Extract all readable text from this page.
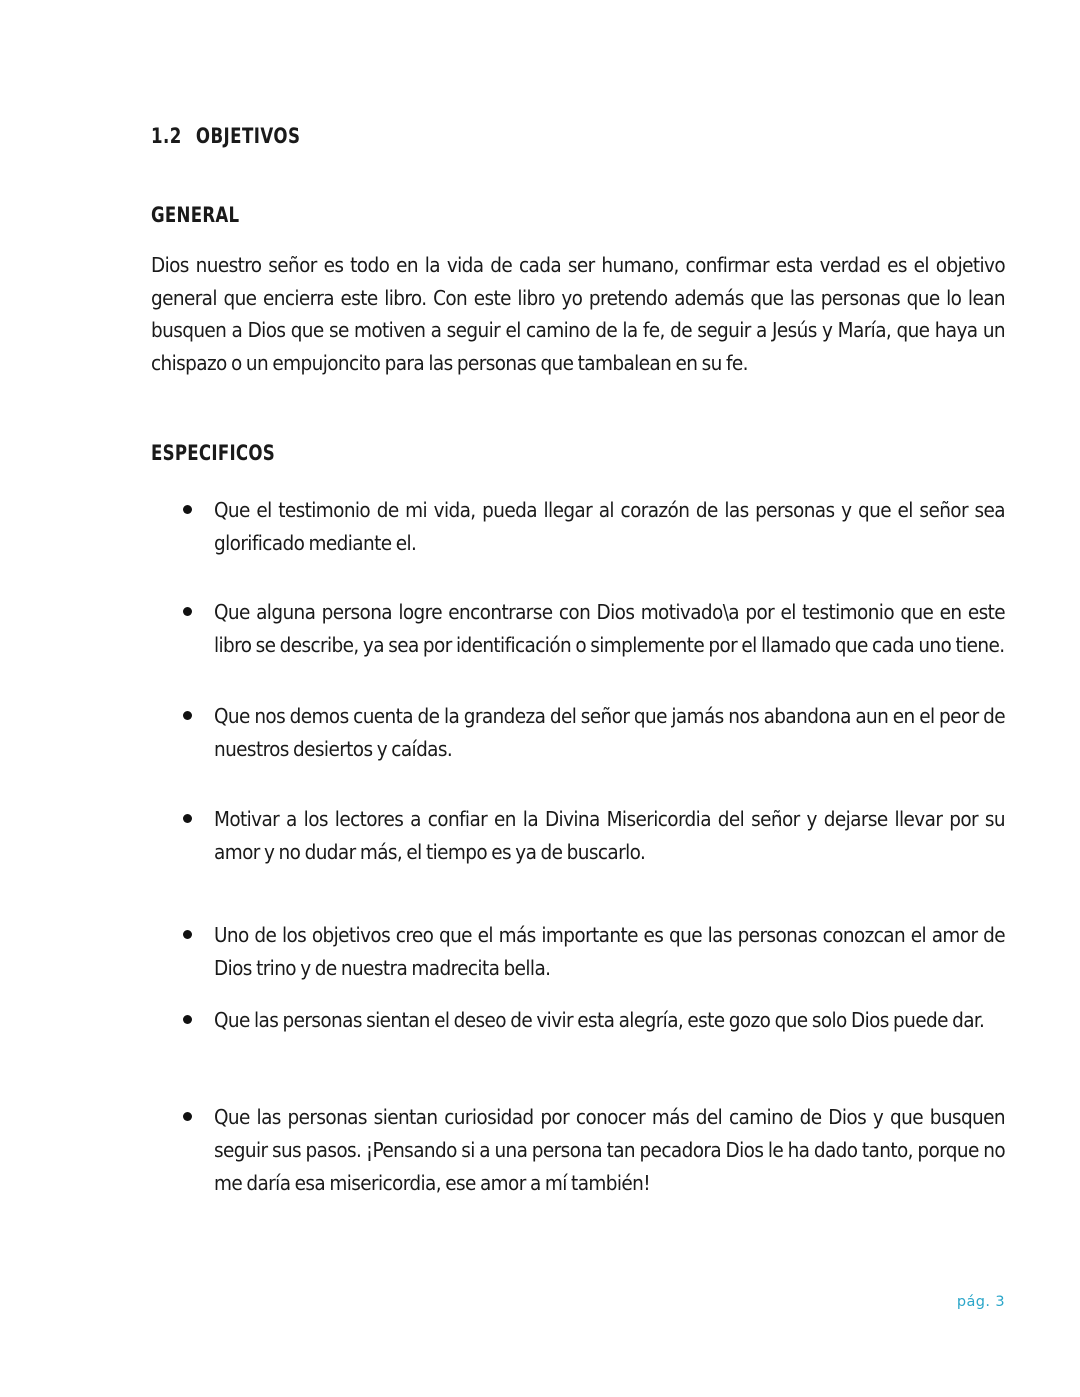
1.2 OBJETIVOS
GENERAL

Dios nuestro señor es todo en la vida de cada ser humano, confirmar esta verdad es el objetivo general que encierra este libro. Con este libro yo pretendo además que las personas que lo lean busquen a Dios que se motiven a seguir el camino de la fe, de seguir a Jesús y María, que haya un chispazo o un empujoncito para las personas que tambalean en su fe.

ESPECIFICOS

Que el testimonio de mi vida, pueda llegar al corazón de las personas y que el señor sea glorificado mediante el.

Que alguna persona logre encontrarse con Dios motivado\a por el testimonio que en este libro se describe, ya sea por identificación o simplemente por el llamado que cada uno tiene.

Que nos demos cuenta de la grandeza del señor que jamás nos abandona aun en el peor de nuestros desiertos y caídas.

Motivar a los lectores a confiar en la Divina Misericordia del señor y dejarse llevar por su amor y no dudar más, el tiempo es ya de buscarlo.

Uno de los objetivos creo que el más importante es que las personas conozcan el amor de Dios trino y de nuestra madrecita bella.

Que las personas sientan el deseo de vivir esta alegría, este gozo que solo Dios puede dar.

Que las personas sientan curiosidad por conocer más del camino de Dios y que busquen seguir sus pasos. ¡Pensando si a una persona tan pecadora Dios le ha dado tanto, porque no me daría esa misericordia, ese amor a mí también!

pág. 3
